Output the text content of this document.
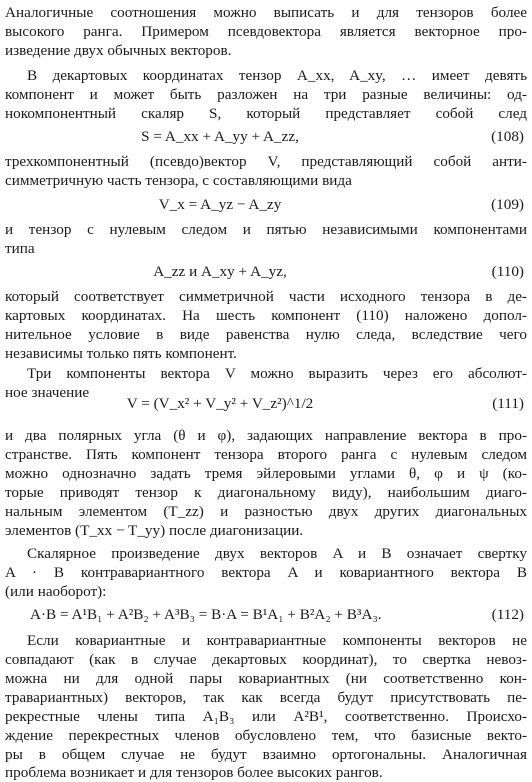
Аналогичные соотношения можно выписать и для тензоров более
высокого ранга. Примером псевдовектора является векторное про-
изведение двух обычных векторов.
В декартовых координатах тензор A_xx, A_xy, … имеет девять
компонент и может быть разложен на три разные величины: од-
нокомпонентный скаляр S, который представляет собой след
S = A_xx + A_yy + A_zz,	(108)
трехкомпонентный (псевдо)вектор V, представляющий собой анти-
симметричную часть тензора, с составляющими вида
V_x = A_yz − A_zy	(109)
и тензор с нулевым следом и пятью независимыми компонентами
типа
A_zz и A_xy + A_yz,	(110)
который соответствует симметричной части исходного тензора в де-
картовых координатах. На шесть компонент (110) наложено допол-
нительное условие в виде равенства нулю следа, вследствие чего
независимы только пять компонент.
Три компоненты вектора V можно выразить через его абсолют-
ное значение
V = (V_x² + V_y² + V_z²)^1/2	(111)
и два полярных угла (θ и φ), задающих направление вектора в про-
странстве. Пять компонент тензора второго ранга с нулевым следом
можно однозначно задать тремя эйлеровыми углами θ, φ и ψ (ко-
торые приводят тензор к диагональному виду), наибольшим диаго-
нальным элементом (T_zz) и разностью двух других диагональных
элементов (T_xx − T_yy) после диагонизации.
Скалярное произведение двух векторов A и B означает свертку
A · B контравариантного вектора A и ковариантного вектора B
(или наоборот):
A·B = A¹B₁ + A²B₂ + A³B₃ = B·A = B¹A₁ + B²A₂ + B³A₃.	(112)
Если ковариантные и контравариантные компоненты векторов не
совпадают (как в случае декартовых координат), то свертка невоз-
можна ни для одной пары ковариантных (ни соответственно кон-
травариантных) векторов, так как всегда будут присутствовать пе-
рекрестные члены типа A₁B₃ или A²B¹, соответственно. Происхо-
ждение перекрестных членов обусловлено тем, что базисные векто-
ры в общем случае не будут взаимно ортогональны. Аналогичная
проблема возникает и для тензоров более высоких рангов.
